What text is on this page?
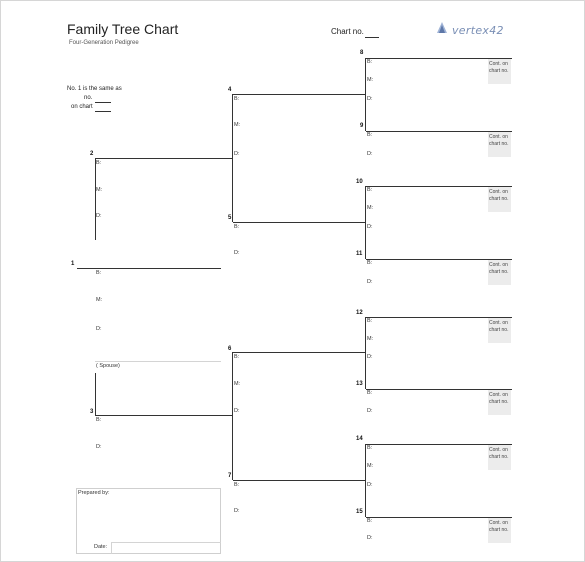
Family Tree Chart
Four-Generation Pedigree
Chart no.	vertex42
No. 1 is the same as
no.
on chart
1
B:
M:
D:
( Spouse)
2
B:
M:
D:
3
B:
D:
Prepared by:
Date:
4
B:
M:
D:
5
B:
D:
6
B:
M:
D:
7
B:
D:
8
B:
M:
D:
Cont. on
chart no.
9
B:
D:
Cont. on
chart no.
10
B:
M:
D:
Cont. on
chart no.
11
B:
D:
Cont. on
chart no.
12
B:
M:
D:
Cont. on
chart no.
13
B:
D:
Cont. on
chart no.
14
B:
M:
D:
Cont. on
chart no.
15
B:
D:
Cont. on
chart no.
